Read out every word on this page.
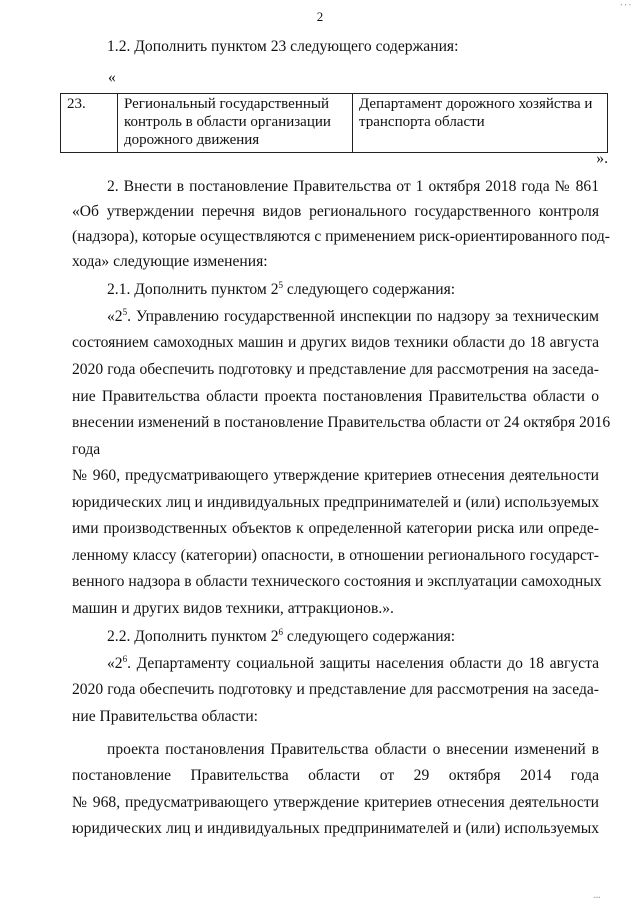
2
٠٠٠
1.2. Дополнить пунктом 23 следующего содержания:
«
23.	Региональный государственный контроль в области организации дорожного движения	Департамент дорожного хозяйства и транспорта области
».
2. Внести в постановление Правительства от 1 октября 2018 года № 861
«Об утверждении перечня видов регионального государственного контроля
(надзора), которые осуществляются с применением риск-ориентированного под-
хода» следующие изменения:
2.1. Дополнить пунктом $2^5$ следующего содержания:
«$2^5$. Управлению государственной инспекции по надзору за техническим
состоянием самоходных машин и других видов техники области до 18 августа
2020 года обеспечить подготовку и представление для рассмотрения на заседа-
ние Правительства области проекта постановления Правительства области о
внесении изменений в постановление Правительства области от 24 октября 2016
года
№ 960, предусматривающего утверждение критериев отнесения деятельности
юридических лиц и индивидуальных предпринимателей и (или) используемых
ими производственных объектов к определенной категории риска или опреде-
ленному классу (категории) опасности, в отношении регионального государст-
венного надзора в области технического состояния и эксплуатации самоходных
машин и других видов техники, аттракционов.».
2.2. Дополнить пунктом $2^6$ следующего содержания:
«$2^6$. Департаменту социальной защиты населения области до 18 августа
2020 года обеспечить подготовку и представление для рассмотрения на заседа-
ние Правительства области:
проекта постановления Правительства области о внесении изменений в
постановление Правительства области от 29 октября 2014 года
№ 968, предусматривающего утверждение критериев отнесения деятельности
юридических лиц и индивидуальных предпринимателей и (или) используемых
᠁
